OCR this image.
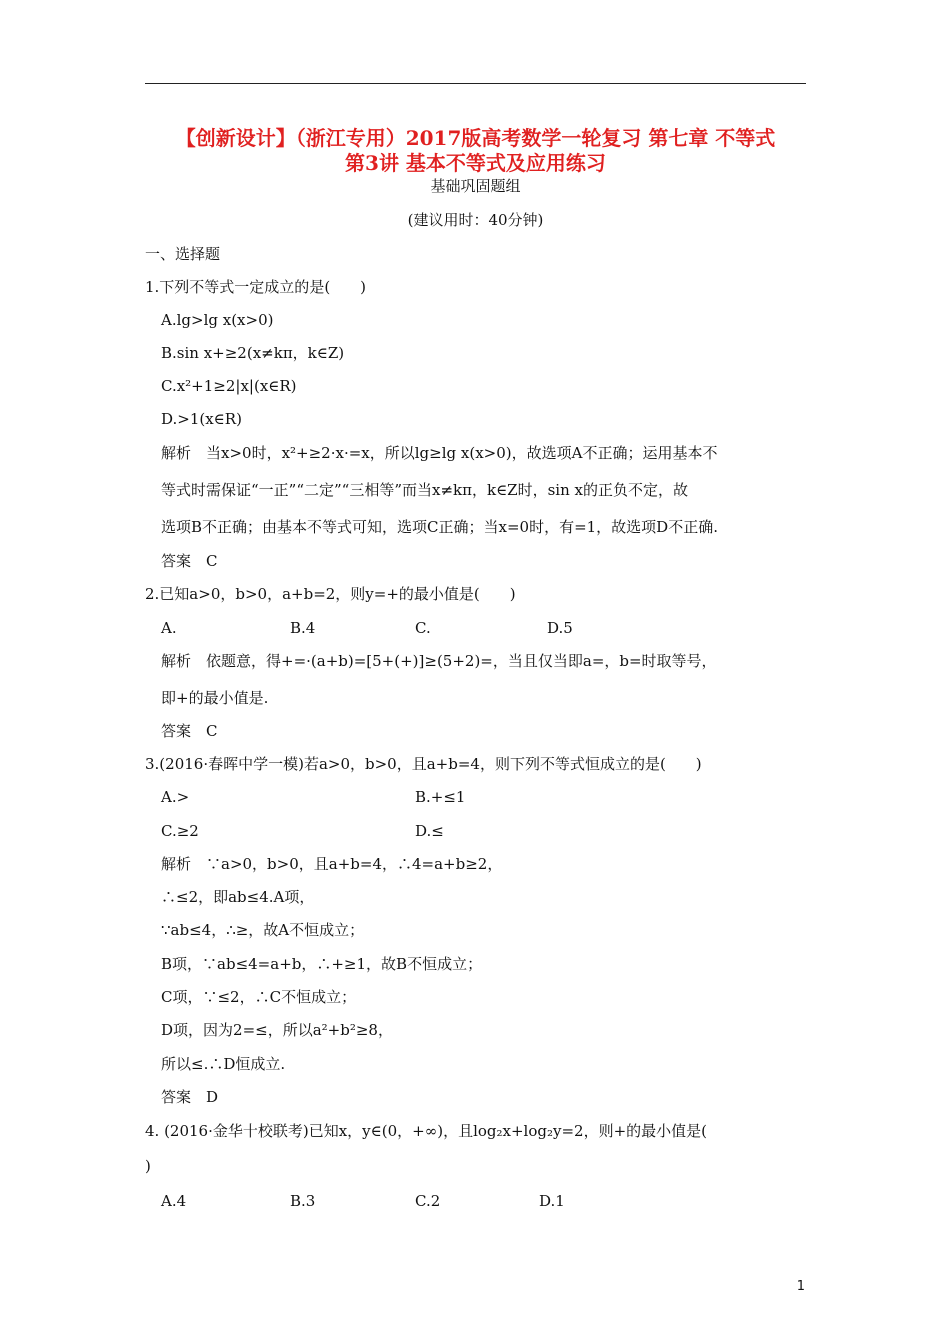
【创新设计】（浙江专用）2017版高考数学一轮复习 第七章 不等式
第3讲 基本不等式及应用练习
基础巩固题组
(建议用时：40分钟)
一、选择题
1.下列不等式一定成立的是(　　)
A.lg>lg x(x>0)
B.sin x+≥2(x≠kπ，k∈Z)
C.x²+1≥2|x|(x∈R)
D.>1(x∈R)
解析　当x>0时，x²+≥2·x·=x，所以lg≥lg x(x>0)，故选项A不正确；运用基本不
等式时需保证“一正”“二定”“三相等”而当x≠kπ，k∈Z时，sin x的正负不定，故
选项B不正确；由基本不等式可知，选项C正确；当x=0时，有=1，故选项D不正确.
答案　C
2.已知a>0，b>0，a+b=2，则y=+的最小值是(　　)
A.	B.4	C.	D.5
解析　依题意，得+=·(a+b)=[5+(+)]≥(5+2)=，当且仅当即a=，b=时取等号，
即+的最小值是.
答案　C
3.(2016·春晖中学一模)若a>0，b>0，且a+b=4，则下列不等式恒成立的是(　　)
A.>	B.+≤1
C.≥2	D.≤
解析　∵a>0，b>0，且a+b=4，∴4=a+b≥2，
∴≤2，即ab≤4.A项，
∵ab≤4，∴≥，故A不恒成立；
B项，∵ab≤4=a+b，∴+≥1，故B不恒成立；
C项，∵≤2，∴C不恒成立；
D项，因为2=≤，所以a²+b²≥8，
所以≤.∴D恒成立.
答案　D
4. (2016·金华十校联考)已知x，y∈(0，+∞)，且log₂x+log₂y=2，则+的最小值是(
)
A.4	B.3	C.2	D.1
1
